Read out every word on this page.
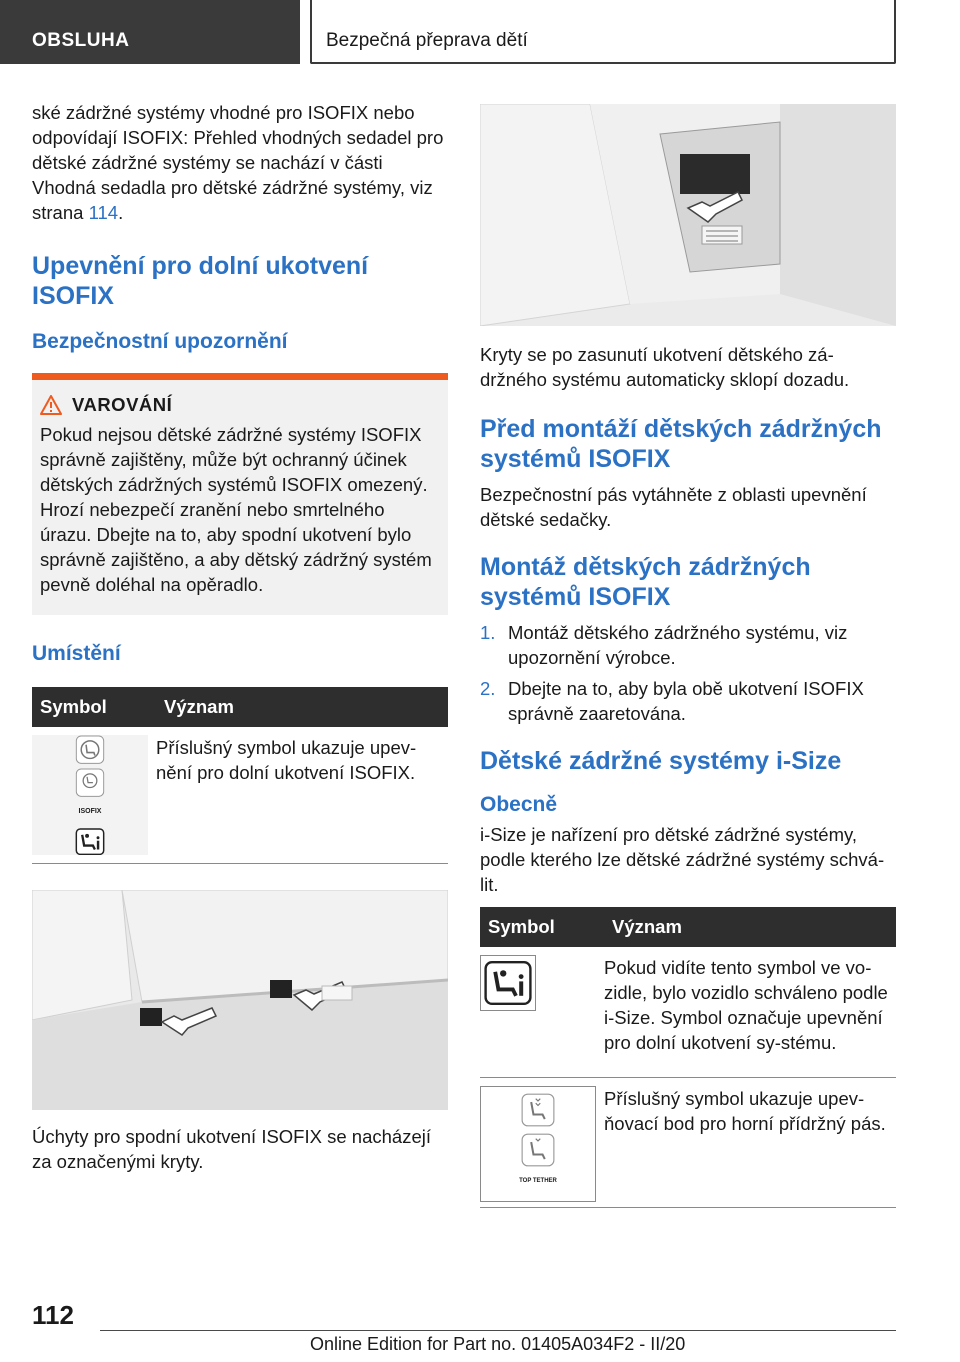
OBSLUHA	Bezpečná přeprava dětí

ské zádržné systémy vhodné pro ISOFIX nebo odpovídají ISOFIX: Přehled vhodných sedadel pro dětské zádržné systémy se nachází v části Vhodná sedadla pro dětské zádržné systémy, viz strana 114.

Upevnění pro dolní ukotvení ISOFIX
Bezpečnostní upozornění
VAROVÁNÍ

Pokud nejsou dětské zádržné systémy ISOFIX správně zajištěny, může být ochranný účinek dětských zádržných systémů ISOFIX omezený. Hrozí nebezpečí zranění nebo smrtelného úrazu. Dbejte na to, aby spodní ukotvení bylo správně zajištěno, a aby dětský zádržný systém pevně doléhal na opěradlo.

Umístění
Symbol	Význam

ISOFIX	Příslušný symbol ukazuje upev-nění pro dolní ukotvení ISOFIX.

Úchyty pro spodní ukotvení ISOFIX se nacházejí za označenými kryty.

Kryty se po zasunutí ukotvení dětského zá-držného systému automaticky sklopí dozadu.

Před montáží dětských zádržných systémů ISOFIX

Bezpečnostní pás vytáhněte z oblasti upevnění dětské sedačky.

Montáž dětských zádržných systémů ISOFIX
1. Montáž dětského zádržného systému, viz upozornění výrobce.
2. Dbejte na to, aby byla obě ukotvení ISOFIX správně zaaretována.
Dětské zádržné systémy i-Size
Obecně

i-Size je nařízení pro dětské zádržné systémy, podle kterého lze dětské zádržné systémy schvá-lit.

Symbol	Význam

	Pokud vidíte tento symbol ve vo-zidle, bylo vozidlo schváleno podle i-Size. Symbol označuje upevnění pro dolní ukotvení sy-stému.

TOP TETHER	Příslušný symbol ukazuje upev-ňovací bod pro horní přídržný pás.
112
Online Edition for Part no. 01405A034F2 - II/20
